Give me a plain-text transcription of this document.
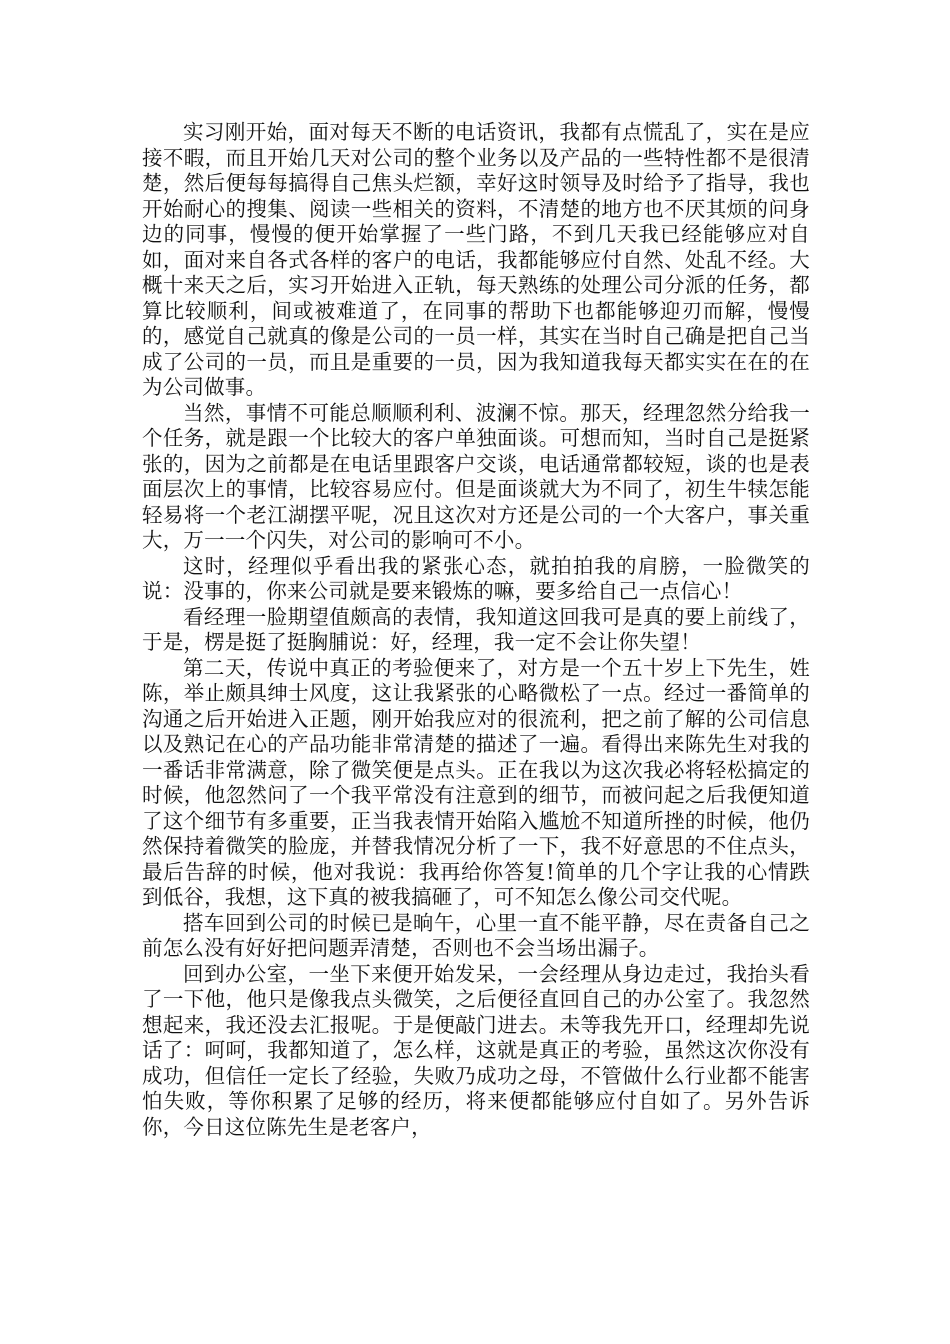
实习刚开始，面对每天不断的电话资讯，我都有点慌乱了，实在是应接不暇，而且开始几天对公司的整个业务以及产品的一些特性都不是很清楚，然后便每每搞得自己焦头烂额，幸好这时领导及时给予了指导，我也开始耐心的搜集、阅读一些相关的资料，不清楚的地方也不厌其烦的问身边的同事，慢慢的便开始掌握了一些门路，不到几天我已经能够应对自如，面对来自各式各样的客户的电话，我都能够应付自然、处乱不经。大概十来天之后，实习开始进入正轨，每天熟练的处理公司分派的任务，都算比较顺利，间或被难道了，在同事的帮助下也都能够迎刃而解，慢慢的，感觉自己就真的像是公司的一员一样，其实在当时自己确是把自己当成了公司的一员，而且是重要的一员，因为我知道我每天都实实在在的在为公司做事。

当然，事情不可能总顺顺利利、波澜不惊。那天，经理忽然分给我一个任务，就是跟一个比较大的客户单独面谈。可想而知，当时自己是挺紧张的，因为之前都是在电话里跟客户交谈，电话通常都较短，谈的也是表面层次上的事情，比较容易应付。但是面谈就大为不同了，初生牛犊怎能轻易将一个老江湖摆平呢，况且这次对方还是公司的一个大客户，事关重大，万一一个闪失，对公司的影响可不小。

这时，经理似乎看出我的紧张心态，就拍拍我的肩膀，一脸微笑的说：没事的，你来公司就是要来锻炼的嘛，要多给自己一点信心！

看经理一脸期望值颇高的表情，我知道这回我可是真的要上前线了，于是，楞是挺了挺胸脯说：好，经理，我一定不会让你失望！

第二天，传说中真正的考验便来了，对方是一个五十岁上下先生，姓陈，举止颇具绅士风度，这让我紧张的心略微松了一点。经过一番简单的沟通之后开始进入正题，刚开始我应对的很流利，把之前了解的公司信息以及熟记在心的产品功能非常清楚的描述了一遍。看得出来陈先生对我的一番话非常满意，除了微笑便是点头。正在我以为这次我必将轻松搞定的时候，他忽然问了一个我平常没有注意到的细节，而被问起之后我便知道了这个细节有多重要，正当我表情开始陷入尴尬不知道所挫的时候，他仍然保持着微笑的脸庞，并替我情况分析了一下，我不好意思的不住点头，最后告辞的时候，他对我说：我再给你答复!简单的几个字让我的心情跌到低谷，我想，这下真的被我搞砸了，可不知怎么像公司交代呢。

搭车回到公司的时候已是晌午，心里一直不能平静，尽在责备自己之前怎么没有好好把问题弄清楚，否则也不会当场出漏子。

回到办公室，一坐下来便开始发呆，一会经理从身边走过，我抬头看了一下他，他只是像我点头微笑，之后便径直回自己的办公室了。我忽然想起来，我还没去汇报呢。于是便敲门进去。未等我先开口，经理却先说话了：呵呵，我都知道了，怎么样，这就是真正的考验，虽然这次你没有成功，但信任一定长了经验，失败乃成功之母，不管做什么行业都不能害怕失败，等你积累了足够的经历，将来便都能够应付自如了。另外告诉你，今日这位陈先生是老客户，
